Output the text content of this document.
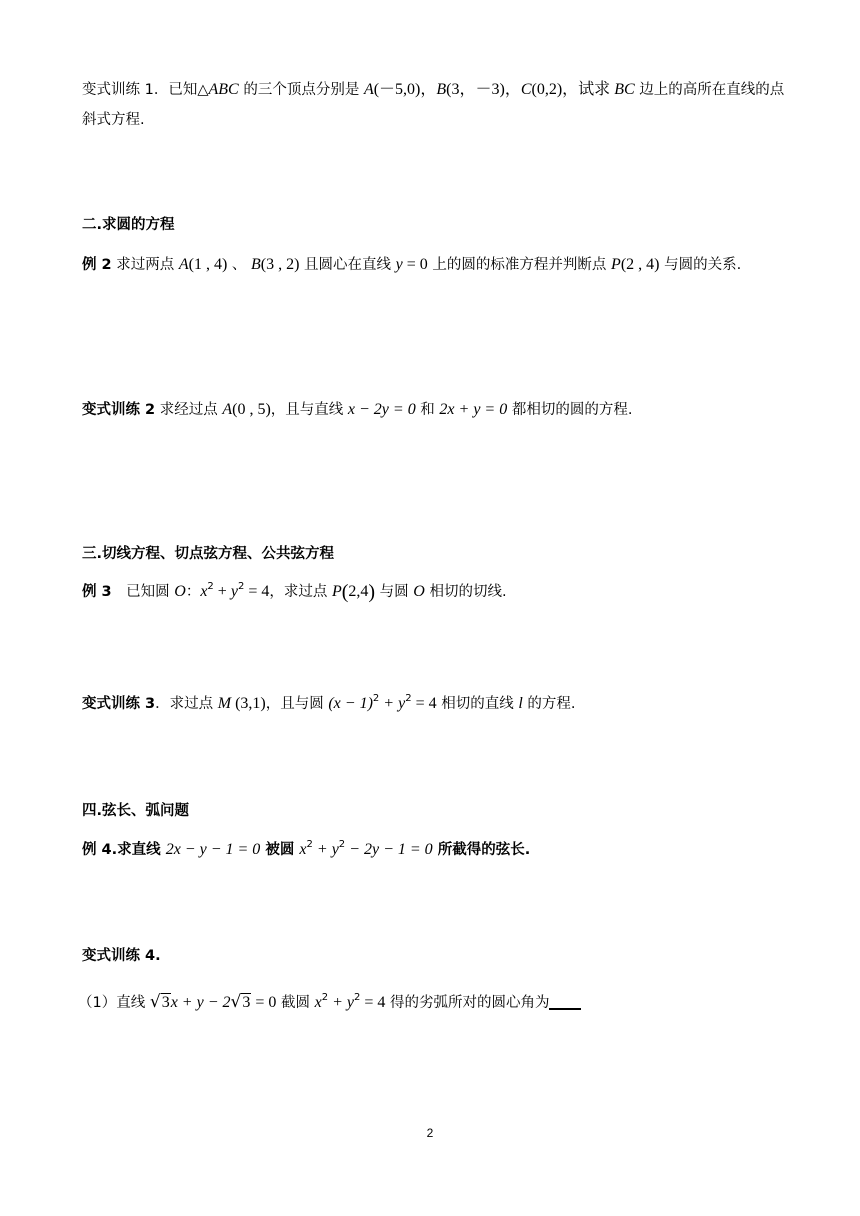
变式训练 1．已知△ABC 的三个顶点分别是 A(－5,0)，B(3，－3)，C(0,2)，试求 BC 边上的高所在直线的点
斜式方程.
二.求圆的方程
例 2 求过两点 A(1 , 4) 、 B(3 , 2) 且圆心在直线 y = 0 上的圆的标准方程并判断点 P(2 , 4) 与圆的关系.
变式训练 2 求经过点 A(0 , 5)，且与直线 x − 2y = 0 和 2x + y = 0 都相切的圆的方程.
三.切线方程、切点弦方程、公共弦方程
例 3　已知圆 O：$x^2 + y^2 = 4$，求过点 P(2,4) 与圆 O 相切的切线.
变式训练 3．求过点 M (3,1)，且与圆 $(x - 1)^2 + y^2 = 4$ 相切的直线 l 的方程.
四.弦长、弧问题
例 4.求直线 2x − y − 1 = 0 被圆 $x^2 + y^2 - 2y - 1 = 0$ 所截得的弦长.
变式训练 4.
（1）直线 √3x + y − 2√3 = 0 截圆 $x^2 + y^2 = 4$ 得的劣弧所对的圆心角为
2
